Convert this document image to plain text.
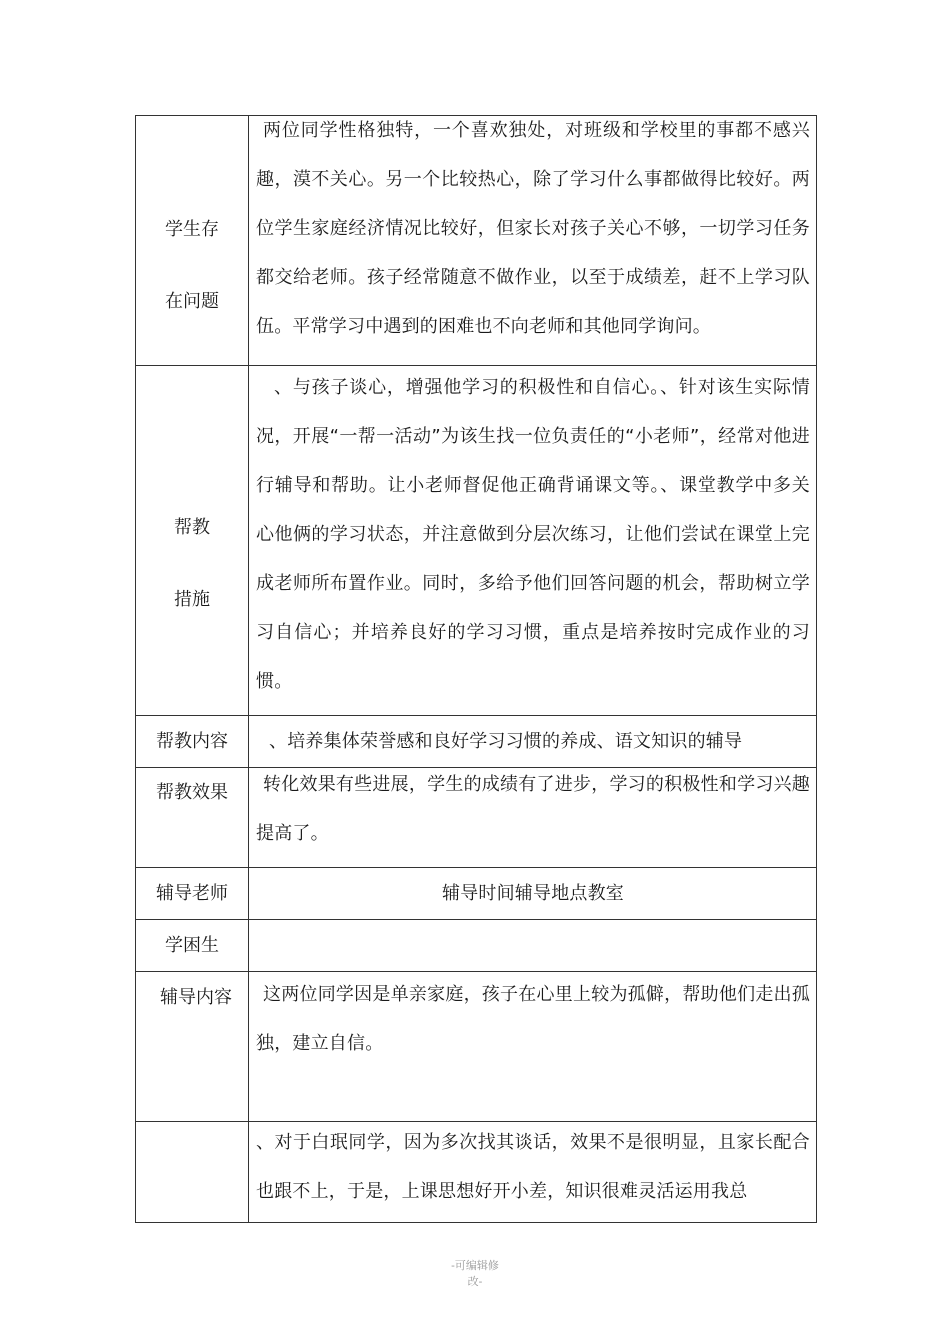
学生存
在问题	两位同学性格独特，一个喜欢独处，对班级和学校里的事都不感兴趣，漠不关心。另一个比较热心，除了学习什么事都做得比较好。两位学生家庭经济情况比较好，但家长对孩子关心不够，一切学习任务都交给老师。孩子经常随意不做作业，以至于成绩差，赶不上学习队伍。平常学习中遇到的困难也不向老师和其他同学询问。

帮教
措施	、与孩子谈心，增强他学习的积极性和自信心。、针对该生实际情况，开展“一帮一活动”为该生找一位负责任的“小老师”，经常对他进行辅导和帮助。让小老师督促他正确背诵课文等。、课堂教学中多关心他俩的学习状态，并注意做到分层次练习，让他们尝试在课堂上完成老师所布置作业。同时，多给予他们回答问题的机会，帮助树立学习自信心；并培养良好的学习习惯，重点是培养按时完成作业的习惯。

帮教内容	、培养集体荣誉感和良好学习习惯的养成、语文知识的辅导

帮教效果	转化效果有些进展，学生的成绩有了进步，学习的积极性和学习兴趣提高了。

辅导老师	辅导时间辅导地点教室

学困生	

辅导内容	这两位同学因是单亲家庭，孩子在心里上较为孤僻，帮助他们走出孤独，建立自信。

	、对于白珉同学，因为多次找其谈话，效果不是很明显，且家长配合也跟不上，于是，上课思想好开小差，知识很难灵活运用我总
-可编辑修
改-
